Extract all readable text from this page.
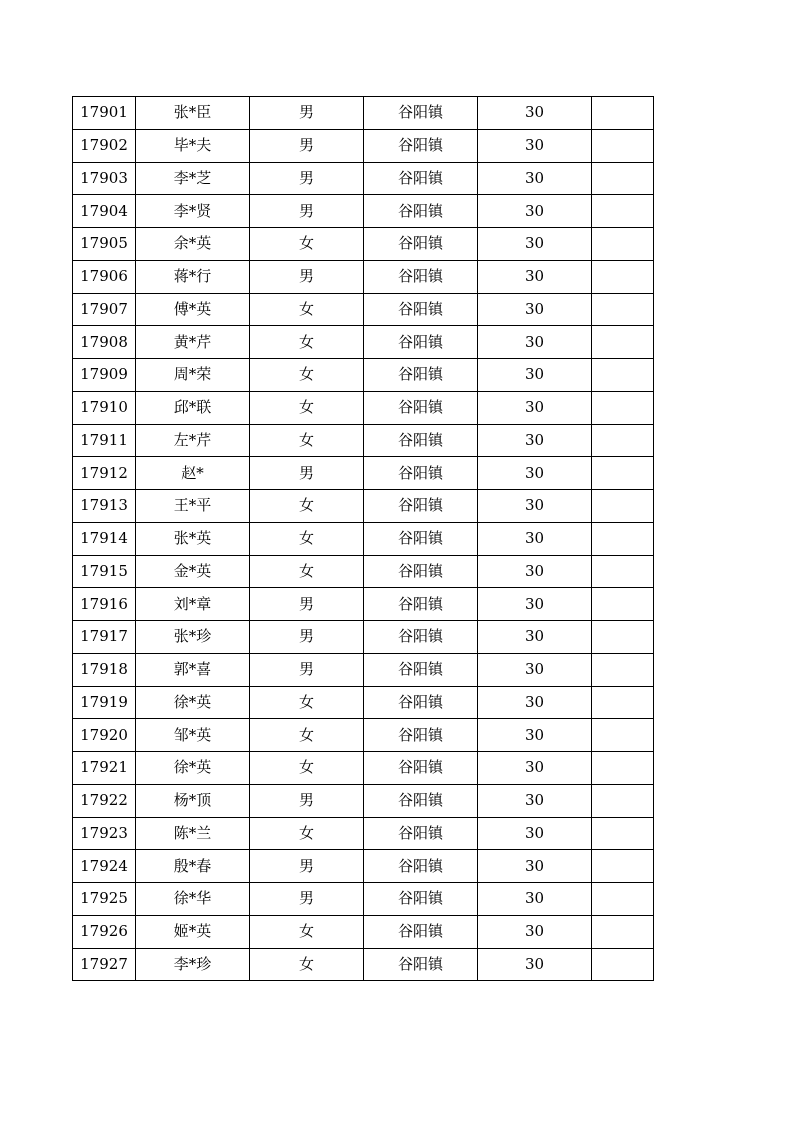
17901	张*臣	男	谷阳镇	30	
17902	毕*夫	男	谷阳镇	30	
17903	李*芝	男	谷阳镇	30	
17904	李*贤	男	谷阳镇	30	
17905	余*英	女	谷阳镇	30	
17906	蒋*行	男	谷阳镇	30	
17907	傅*英	女	谷阳镇	30	
17908	黄*芹	女	谷阳镇	30	
17909	周*荣	女	谷阳镇	30	
17910	邱*联	女	谷阳镇	30	
17911	左*芹	女	谷阳镇	30	
17912	赵*	男	谷阳镇	30	
17913	王*平	女	谷阳镇	30	
17914	张*英	女	谷阳镇	30	
17915	金*英	女	谷阳镇	30	
17916	刘*章	男	谷阳镇	30	
17917	张*珍	男	谷阳镇	30	
17918	郭*喜	男	谷阳镇	30	
17919	徐*英	女	谷阳镇	30	
17920	邹*英	女	谷阳镇	30	
17921	徐*英	女	谷阳镇	30	
17922	杨*顶	男	谷阳镇	30	
17923	陈*兰	女	谷阳镇	30	
17924	殷*春	男	谷阳镇	30	
17925	徐*华	男	谷阳镇	30	
17926	姬*英	女	谷阳镇	30	
17927	李*珍	女	谷阳镇	30	
